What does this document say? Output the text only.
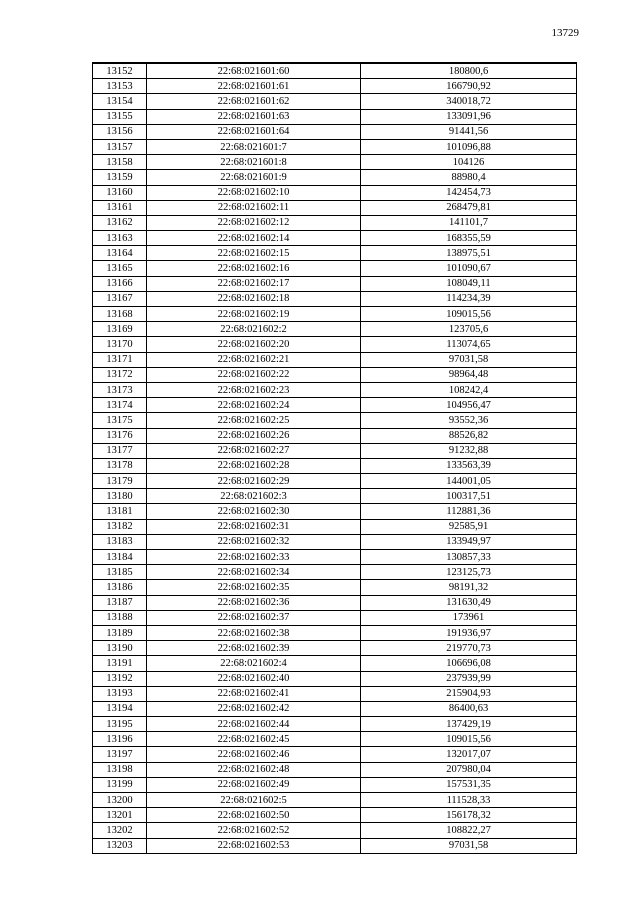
13729
13152	22:68:021601:60	180800,6
13153	22:68:021601:61	166790,92
13154	22:68:021601:62	340018,72
13155	22:68:021601:63	133091,96
13156	22:68:021601:64	91441,56
13157	22:68:021601:7	101096,88
13158	22:68:021601:8	104126
13159	22:68:021601:9	88980,4
13160	22:68:021602:10	142454,73
13161	22:68:021602:11	268479,81
13162	22:68:021602:12	141101,7
13163	22:68:021602:14	168355,59
13164	22:68:021602:15	138975,51
13165	22:68:021602:16	101090,67
13166	22:68:021602:17	108049,11
13167	22:68:021602:18	114234,39
13168	22:68:021602:19	109015,56
13169	22:68:021602:2	123705,6
13170	22:68:021602:20	113074,65
13171	22:68:021602:21	97031,58
13172	22:68:021602:22	98964,48
13173	22:68:021602:23	108242,4
13174	22:68:021602:24	104956,47
13175	22:68:021602:25	93552,36
13176	22:68:021602:26	88526,82
13177	22:68:021602:27	91232,88
13178	22:68:021602:28	133563,39
13179	22:68:021602:29	144001,05
13180	22:68:021602:3	100317,51
13181	22:68:021602:30	112881,36
13182	22:68:021602:31	92585,91
13183	22:68:021602:32	133949,97
13184	22:68:021602:33	130857,33
13185	22:68:021602:34	123125,73
13186	22:68:021602:35	98191,32
13187	22:68:021602:36	131630,49
13188	22:68:021602:37	173961
13189	22:68:021602:38	191936,97
13190	22:68:021602:39	219770,73
13191	22:68:021602:4	106696,08
13192	22:68:021602:40	237939,99
13193	22:68:021602:41	215904,93
13194	22:68:021602:42	86400,63
13195	22:68:021602:44	137429,19
13196	22:68:021602:45	109015,56
13197	22:68:021602:46	132017,07
13198	22:68:021602:48	207980,04
13199	22:68:021602:49	157531,35
13200	22:68:021602:5	111528,33
13201	22:68:021602:50	156178,32
13202	22:68:021602:52	108822,27
13203	22:68:021602:53	97031,58
